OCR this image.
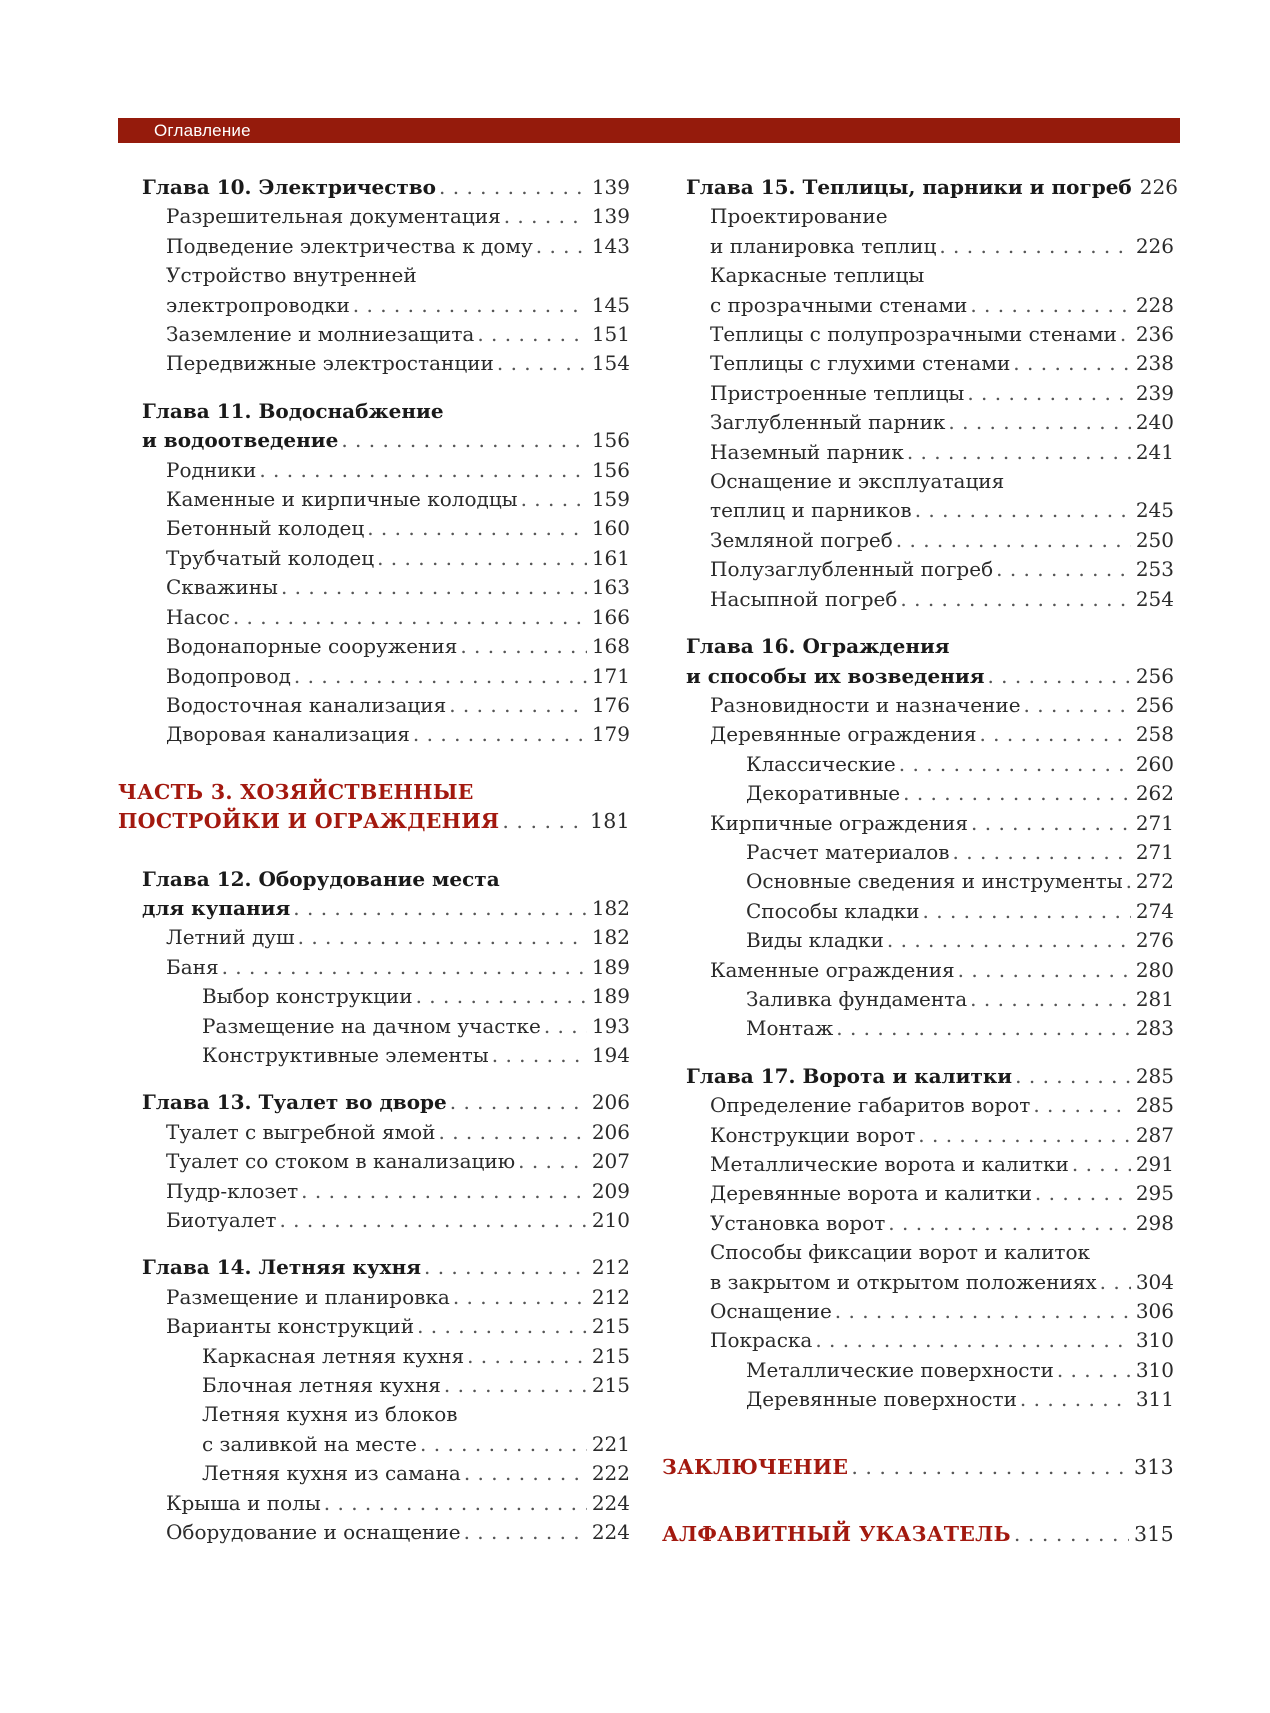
Оглавление
Глава 10. Электричество . . .	139
Разрешительная документация . . .	139
Подведение электричества к дому . . .	143
Устройство внутренней
электропроводки . . .	145
Заземление и молниезащита . . .	151
Передвижные электростанции . . .	154
Глава 11. Водоснабжение
и водоотведение . . .	156
Родники . . .	156
Каменные и кирпичные колодцы . . .	159
Бетонный колодец . . .	160
Трубчатый колодец . . .	161
Скважины . . .	163
Насос . . .	166
Водонапорные сооружения . . .	168
Водопровод . . .	171
Водосточная канализация . . .	176
Дворовая канализация . . .	179
ЧАСТЬ 3. ХОЗЯЙСТВЕННЫЕ
ПОСТРОЙКИ И ОГРАЖДЕНИЯ . . .	181
Глава 12. Оборудование места
для купания . . .	182
Летний душ . . .	182
Баня . . .	189
Выбор конструкции . . .	189
Размещение на дачном участке . . .	193
Конструктивные элементы . . .	194
Глава 13. Туалет во дворе . . .	206
Туалет с выгребной ямой . . .	206
Туалет со стоком в канализацию . . .	207
Пудр-клозет . . .	209
Биотуалет . . .	210
Глава 14. Летняя кухня . . .	212
Размещение и планировка . . .	212
Варианты конструкций . . .	215
Каркасная летняя кухня . . .	215
Блочная летняя кухня . . .	215
Летняя кухня из блоков
с заливкой на месте . . .	221
Летняя кухня из самана . . .	222
Крыша и полы . . .	224
Оборудование и оснащение . . .	224
Глава 15. Теплицы, парники и погреб 226
Проектирование
и планировка теплиц . . .	226
Каркасные теплицы
с прозрачными стенами . . .	228
Теплицы с полупрозрачными стенами . . . 236
Теплицы с глухими стенами . . .	238
Пристроенные теплицы . . .	239
Заглубленный парник . . .	240
Наземный парник . . .	241
Оснащение и эксплуатация
теплиц и парников . . .	245
Земляной погреб . . .	250
Полузаглубленный погреб . . .	253
Насыпной погреб . . .	254
Глава 16. Ограждения
и способы их возведения . . .	256
Разновидности и назначение . . .	256
Деревянные ограждения . . .	258
Классические . . .	260
Декоративные . . .	262
Кирпичные ограждения . . .	271
Расчет материалов . . .	271
Основные сведения и инструменты . . . 272
Способы кладки . . .	274
Виды кладки . . .	276
Каменные ограждения . . .	280
Заливка фундамента . . .	281
Монтаж . . .	283
Глава 17. Ворота и калитки . . .	285
Определение габаритов ворот . . .	285
Конструкции ворот . . .	287
Металлические ворота и калитки . . .	291
Деревянные ворота и калитки . . .	295
Установка ворот . . .	298
Способы фиксации ворот и калиток
в закрытом и открытом положениях . . . 304
Оснащение . . .	306
Покраска . . .	310
Металлические поверхности . . .	310
Деревянные поверхности . . .	311
ЗАКЛЮЧЕНИЕ . . .	313
АЛФАВИТНЫЙ УКАЗАТЕЛЬ . . .	315
